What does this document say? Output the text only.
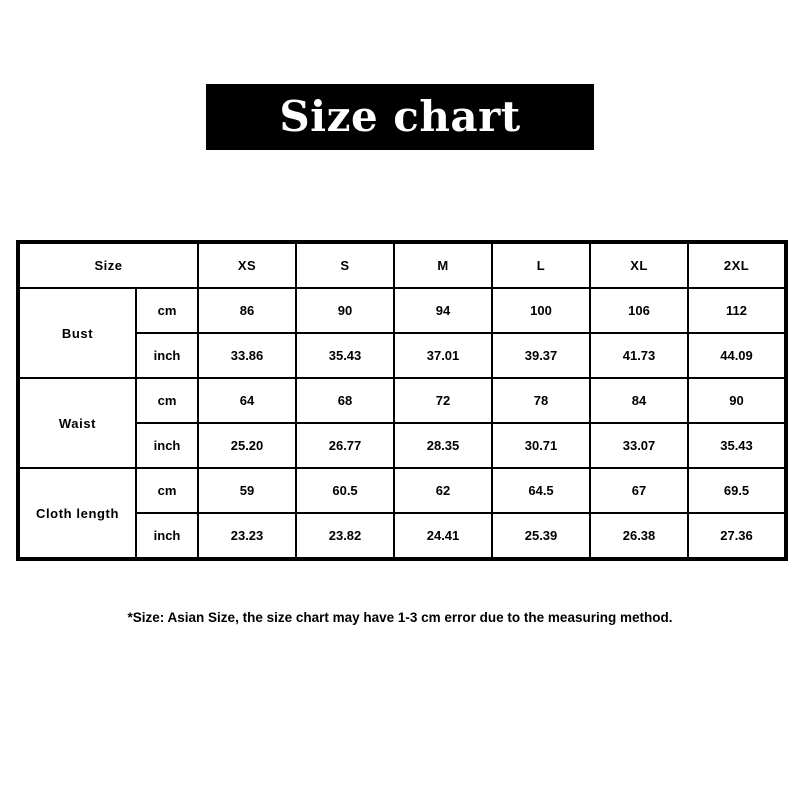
Size chart
Size		XS	S	M	L	XL	2XL
Bust	cm	86	90	94	100	106	112
	inch	33.86	35.43	37.01	39.37	41.73	44.09
Waist	cm	64	68	72	78	84	90
	inch	25.20	26.77	28.35	30.71	33.07	35.43
Cloth length	cm	59	60.5	62	64.5	67	69.5
	inch	23.23	23.82	24.41	25.39	26.38	27.36
*Size: Asian Size, the size chart may have 1-3 cm error due to the measuring method.
